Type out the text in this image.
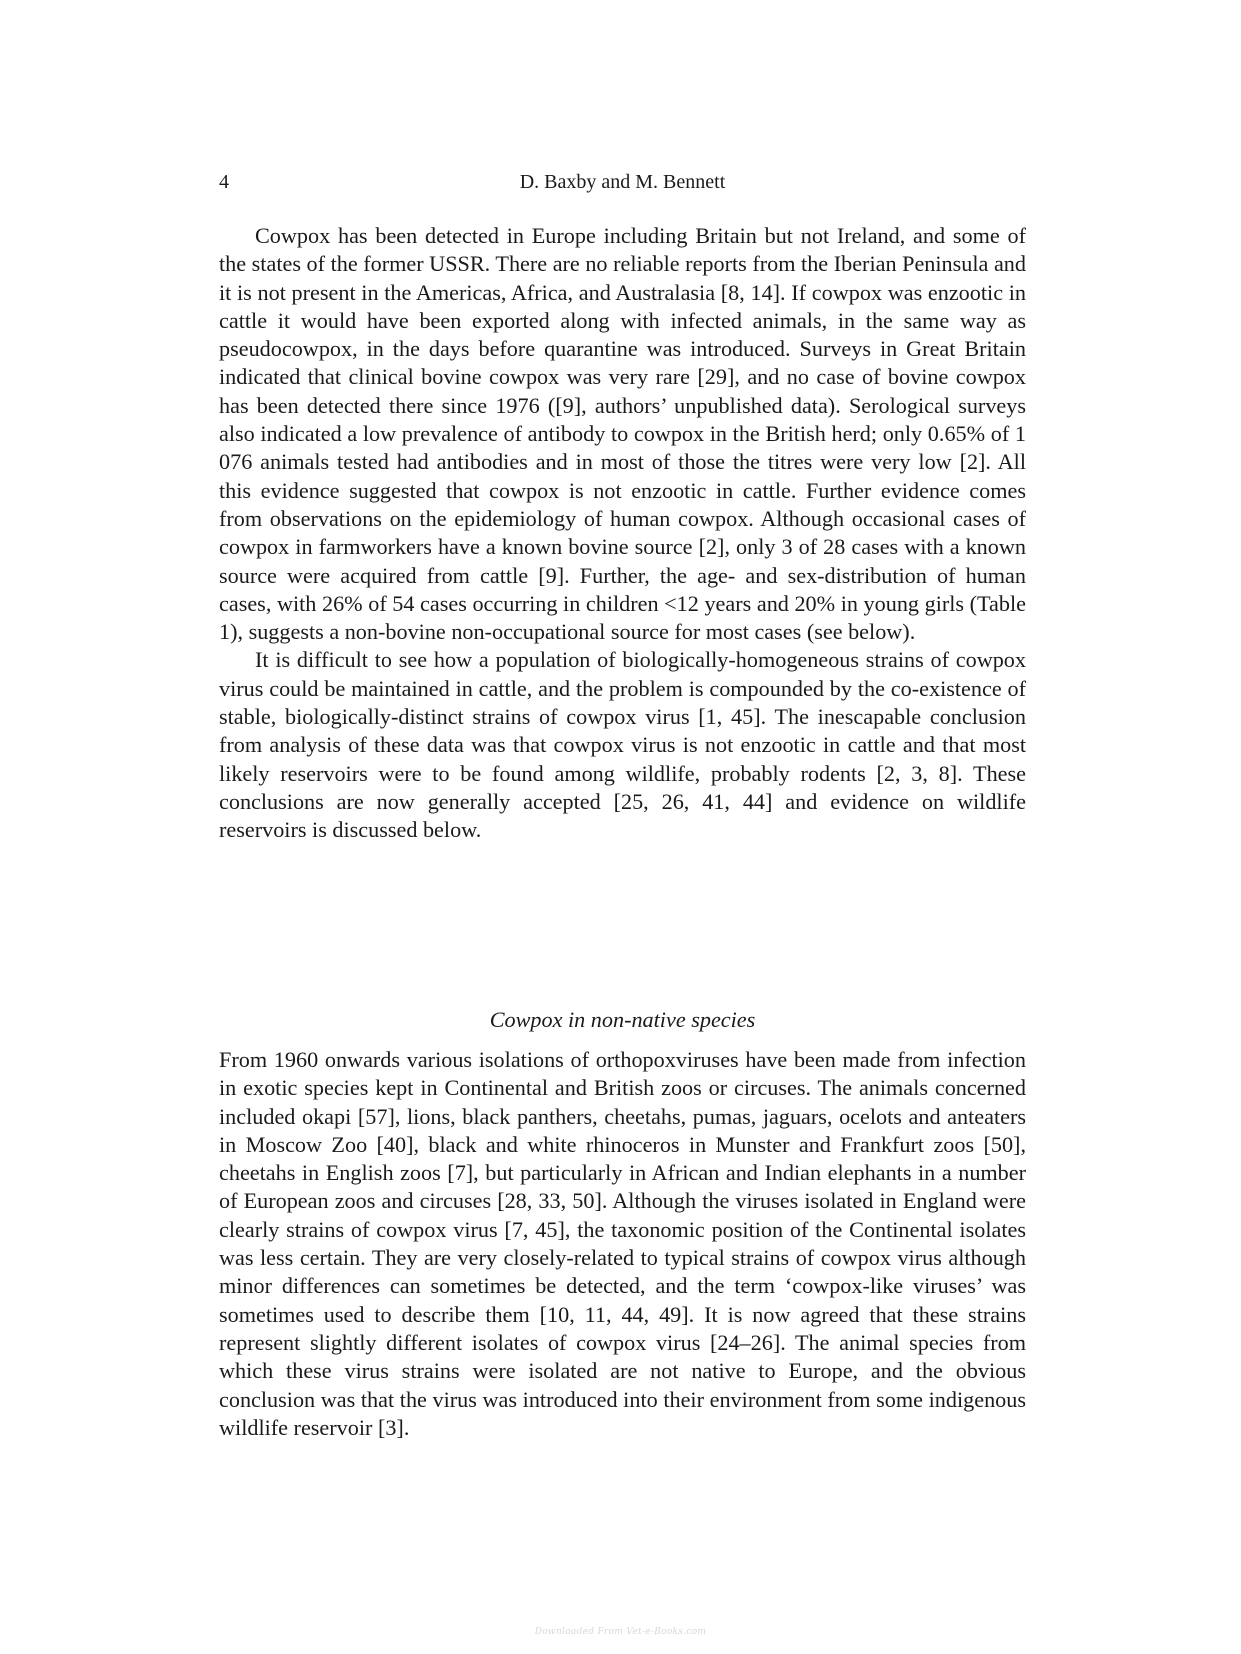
4	D. Baxby and M. Bennett

Cowpox has been detected in Europe including Britain but not Ireland, and some of the states of the former USSR. There are no reliable reports from the Iberian Peninsula and it is not present in the Americas, Africa, and Australasia [8, 14]. If cowpox was enzootic in cattle it would have been exported along with infected animals, in the same way as pseudocowpox, in the days before quarantine was introduced. Surveys in Great Britain indicated that clinical bovine cowpox was very rare [29], and no case of bovine cowpox has been detected there since 1976 ([9], authors’ unpublished data). Serological surveys also indicated a low prevalence of antibody to cowpox in the British herd; only 0.65% of 1 076 animals tested had antibodies and in most of those the titres were very low [2]. All this evidence suggested that cowpox is not enzootic in cattle. Further evidence comes from observations on the epidemiology of human cowpox. Although occasional cases of cowpox in farmworkers have a known bovine source [2], only 3 of 28 cases with a known source were acquired from cattle [9]. Further, the age- and sex-distribution of human cases, with 26% of 54 cases occurring in children <12 years and 20% in young girls (Table 1), suggests a non-bovine non-occupational source for most cases (see below).

It is difficult to see how a population of biologically-homogeneous strains of cowpox virus could be maintained in cattle, and the problem is compounded by the co-existence of stable, biologically-distinct strains of cowpox virus [1, 45]. The inescapable conclusion from analysis of these data was that cowpox virus is not enzootic in cattle and that most likely reservoirs were to be found among wildlife, probably rodents [2, 3, 8]. These conclusions are now generally accepted [25, 26, 41, 44] and evidence on wildlife reservoirs is discussed below.

Cowpox in non-native species

From 1960 onwards various isolations of orthopoxviruses have been made from infection in exotic species kept in Continental and British zoos or circuses. The animals concerned included okapi [57], lions, black panthers, cheetahs, pumas, jaguars, ocelots and anteaters in Moscow Zoo [40], black and white rhinoceros in Munster and Frankfurt zoos [50], cheetahs in English zoos [7], but particularly in African and Indian elephants in a number of European zoos and circuses [28, 33, 50]. Although the viruses isolated in England were clearly strains of cowpox virus [7, 45], the taxonomic position of the Continental isolates was less certain. They are very closely-related to typical strains of cowpox virus although minor differences can sometimes be detected, and the term ‘cowpox-like viruses’ was sometimes used to describe them [10, 11, 44, 49]. It is now agreed that these strains represent slightly different isolates of cowpox virus [24–26]. The animal species from which these virus strains were isolated are not native to Europe, and the obvious conclusion was that the virus was introduced into their environment from some indigenous wildlife reservoir [3].

Downloaded From Vet-e-Books.com
